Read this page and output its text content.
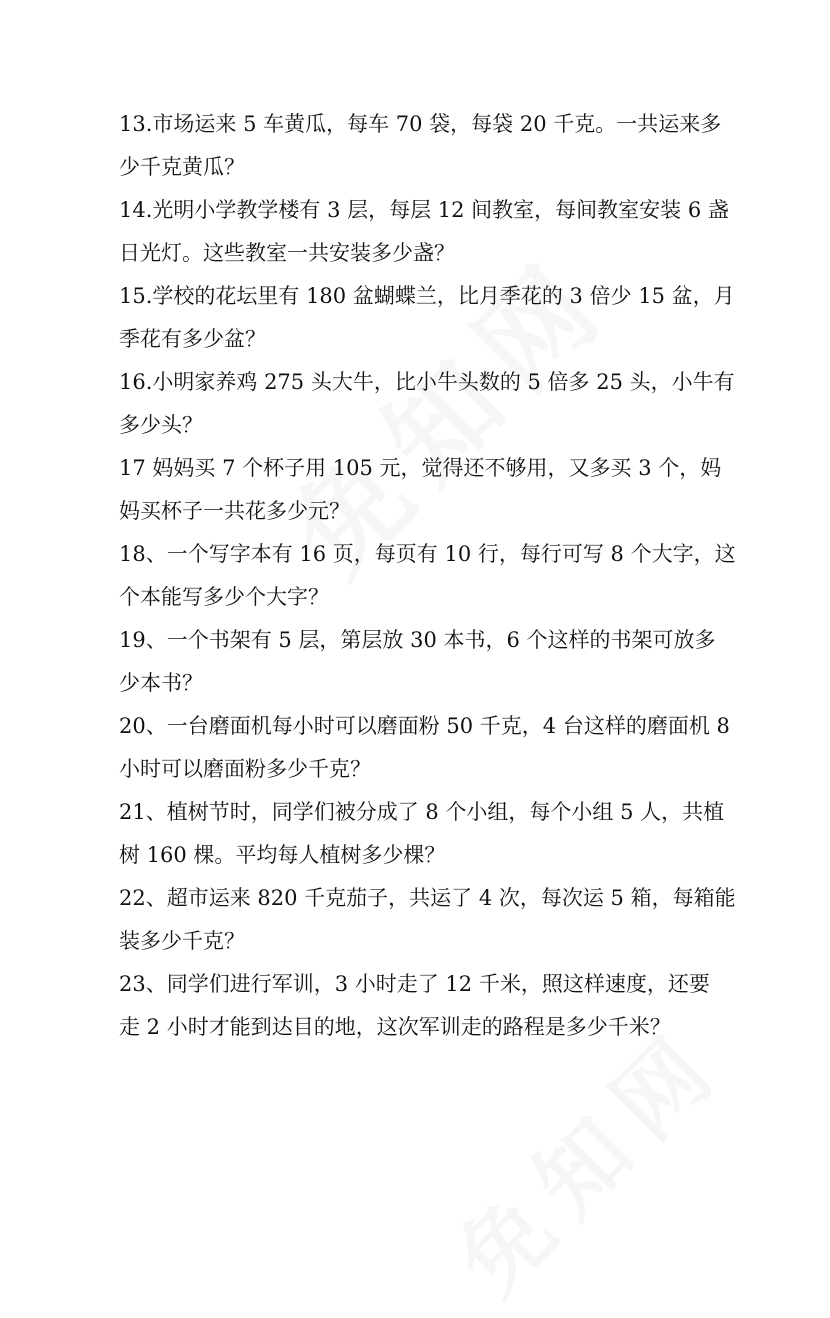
13.市场运来 5 车黄瓜，每车 70 袋，每袋 20 千克。一共运来多
少千克黄瓜？

14.光明小学教学楼有 3 层，每层 12 间教室，每间教室安装 6 盏
日光灯。这些教室一共安装多少盏？

15.学校的花坛里有 180 盆蝴蝶兰，比月季花的 3 倍少 15 盆，月
季花有多少盆？

16.小明家养鸡 275 头大牛，比小牛头数的 5 倍多 25 头，小牛有
多少头？

17 妈妈买 7 个杯子用 105 元，觉得还不够用，又多买 3 个，妈
妈买杯子一共花多少元？

18、一个写字本有 16 页，每页有 10 行，每行可写 8 个大字，这
个本能写多少个大字？

19、一个书架有 5 层，第层放 30 本书，6 个这样的书架可放多
少本书？

20、一台磨面机每小时可以磨面粉 50 千克，4 台这样的磨面机 8
小时可以磨面粉多少千克？

21、植树节时，同学们被分成了 8 个小组，每个小组 5 人，共植
树 160 棵。平均每人植树多少棵？

22、超市运来 820 千克茄子，共运了 4 次，每次运 5 箱，每箱能
装多少千克？

23、同学们进行军训，3 小时走了 12 千米，照这样速度，还要
走 2 小时才能到达目的地，这次军训走的路程是多少千米？
